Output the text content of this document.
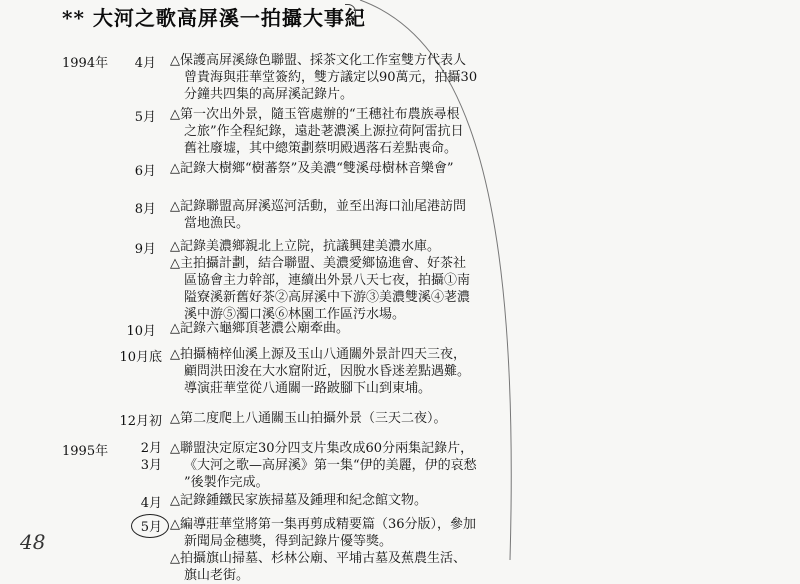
** 大河之歌高屏溪一拍攝大事紀
1994年
1995年
4月 △保護高屏溪綠色聯盟、採茶文化工作室雙方代表人
曾貴海與莊華堂簽約，雙方議定以90萬元，拍攝30
分鐘共四集的高屏溪記錄片。
5月 △第一次出外景，隨玉管處辦的“王穗社布農族尋根
之旅”作全程紀錄，遠赴荖濃溪上源拉荷阿雷抗日
舊社廢墟，其中總策劃蔡明殿遇落石差點喪命。
6月 △記錄大樹鄉“樹蕃祭”及美濃“雙溪母樹林音樂會”
8月 △記錄聯盟高屏溪巡河活動，並至出海口汕尾港訪問
當地漁民。
9月 △記錄美濃鄉親北上立院，抗議興建美濃水庫。
△主拍攝計劃，結合聯盟、美濃愛鄉協進會、好茶社
區協會主力幹部，連續出外景八天七夜，拍攝①南
隘寮溪新舊好茶②高屏溪中下游③美濃雙溪④荖濃
溪中游⑤濁口溪⑥林園工作區汚水場。
10月 △記錄六龜鄉頂荖濃公廟牽曲。
10月底 △拍攝楠梓仙溪上源及玉山八通關外景計四天三夜，
顧問洪田浚在大水窟附近，因脫水昏迷差點遇難。
導演莊華堂從八通關一路跛腳下山到東埔。
12月初 △第二度爬上八通關玉山拍攝外景（三天二夜）。
2月
3月
△聯盟決定原定30分四支片集改成60分兩集記錄片，
《大河之歌—高屏溪》第一集“伊的美麗，伊的哀愁
”後製作完成。
4月 △記錄鍾鐵民家族掃墓及鍾理和紀念館文物。
5月 △編導莊華堂將第一集再剪成精要篇（36分版），參加
新聞局金穗獎，得到記錄片優等獎。
△拍攝旗山掃墓、杉林公廟、平埔古墓及蕉農生活、
旗山老街。
48
